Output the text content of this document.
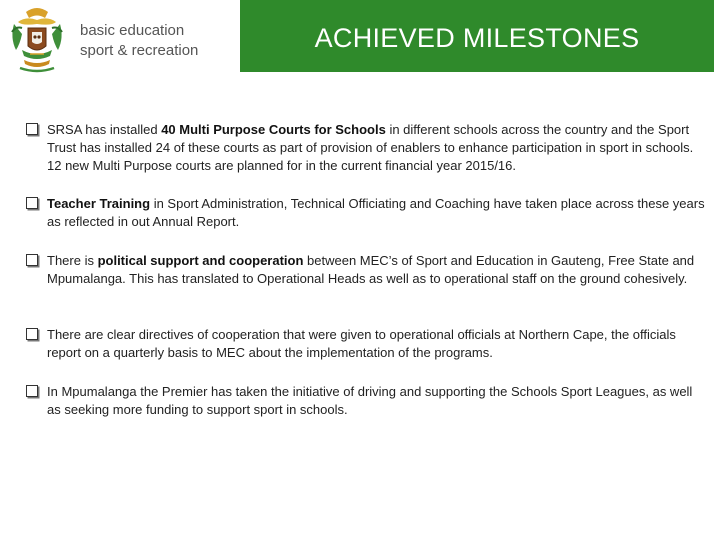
basic education
sport & recreation	ACHIEVED MILESTONES
SRSA has installed 40 Multi Purpose Courts for Schools in different schools across the country and the Sport Trust has installed 24 of these courts as part of provision of enablers to enhance participation in sport in schools. 12 new Multi Purpose courts are planned for in the current financial year 2015/16.
Teacher Training in Sport Administration, Technical Officiating and Coaching have taken place across these years as reflected in out Annual Report.
There is political support and cooperation between MEC’s of Sport and Education in Gauteng, Free State and Mpumalanga. This has translated to Operational Heads as well as to operational staff on the ground cohesively.
There are clear directives of cooperation that were given to operational officials at Northern Cape, the officials report on a quarterly basis to MEC about the implementation of the programs.
In Mpumalanga the Premier has taken the initiative of driving and supporting the Schools Sport Leagues, as well as seeking more funding to support sport in schools.
